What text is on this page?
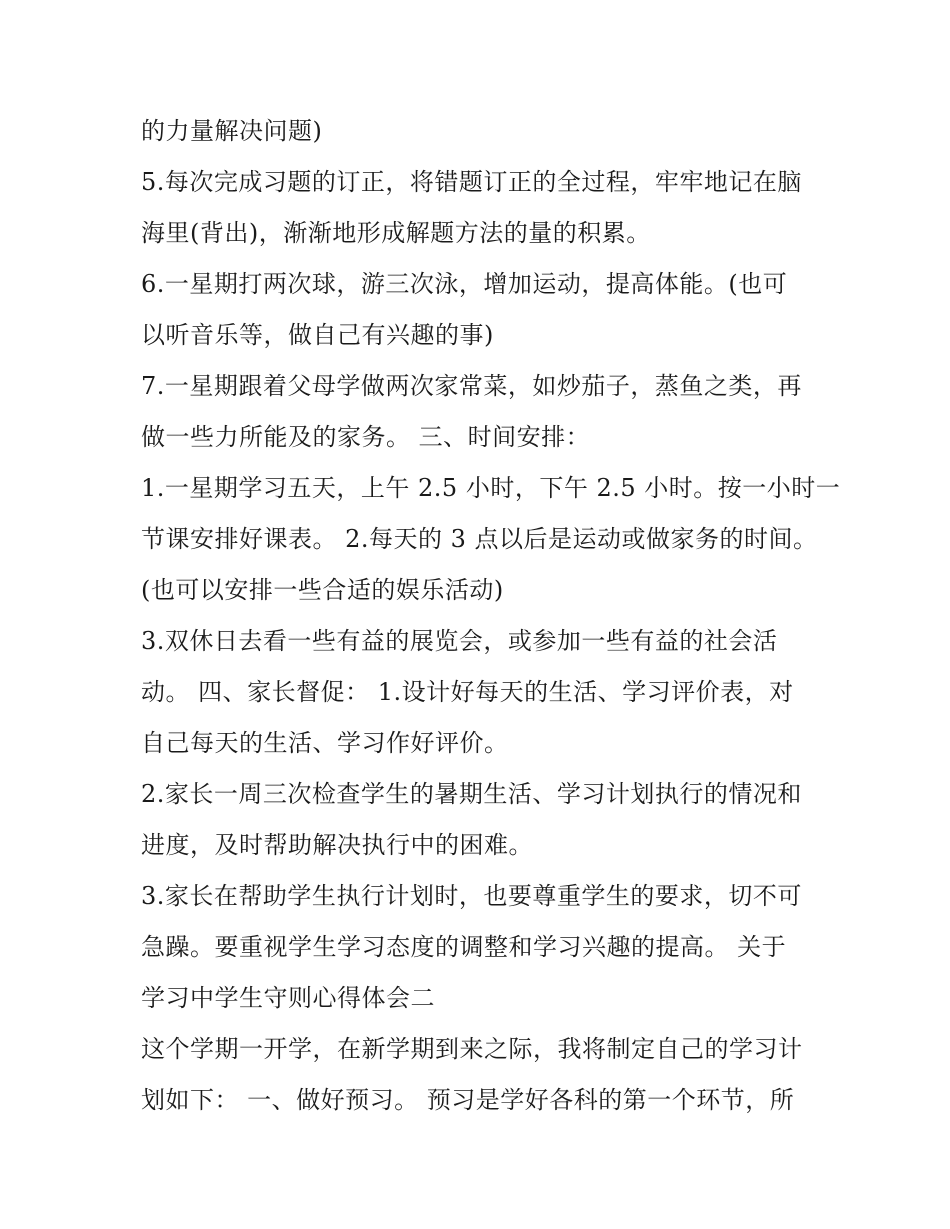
的力量解决问题)
5.每次完成习题的订正，将错题订正的全过程，牢牢地记在脑
海里(背出)，渐渐地形成解题方法的量的积累。
6.一星期打两次球，游三次泳，增加运动，提高体能。(也可
以听音乐等，做自己有兴趣的事)
7.一星期跟着父母学做两次家常菜，如炒茄子，蒸鱼之类，再
做一些力所能及的家务。 三、时间安排：
1.一星期学习五天，上午 2.5 小时，下午 2.5 小时。按一小时一
节课安排好课表。 2.每天的 3 点以后是运动或做家务的时间。
(也可以安排一些合适的娱乐活动)
3.双休日去看一些有益的展览会，或参加一些有益的社会活
动。 四、家长督促： 1.设计好每天的生活、学习评价表，对
自己每天的生活、学习作好评价。
2.家长一周三次检查学生的暑期生活、学习计划执行的情况和
进度，及时帮助解决执行中的困难。
3.家长在帮助学生执行计划时，也要尊重学生的要求，切不可
急躁。要重视学生学习态度的调整和学习兴趣的提高。 关于
学习中学生守则心得体会二
这个学期一开学，在新学期到来之际，我将制定自己的学习计
划如下： 一、做好预习。 预习是学好各科的第一个环节，所
